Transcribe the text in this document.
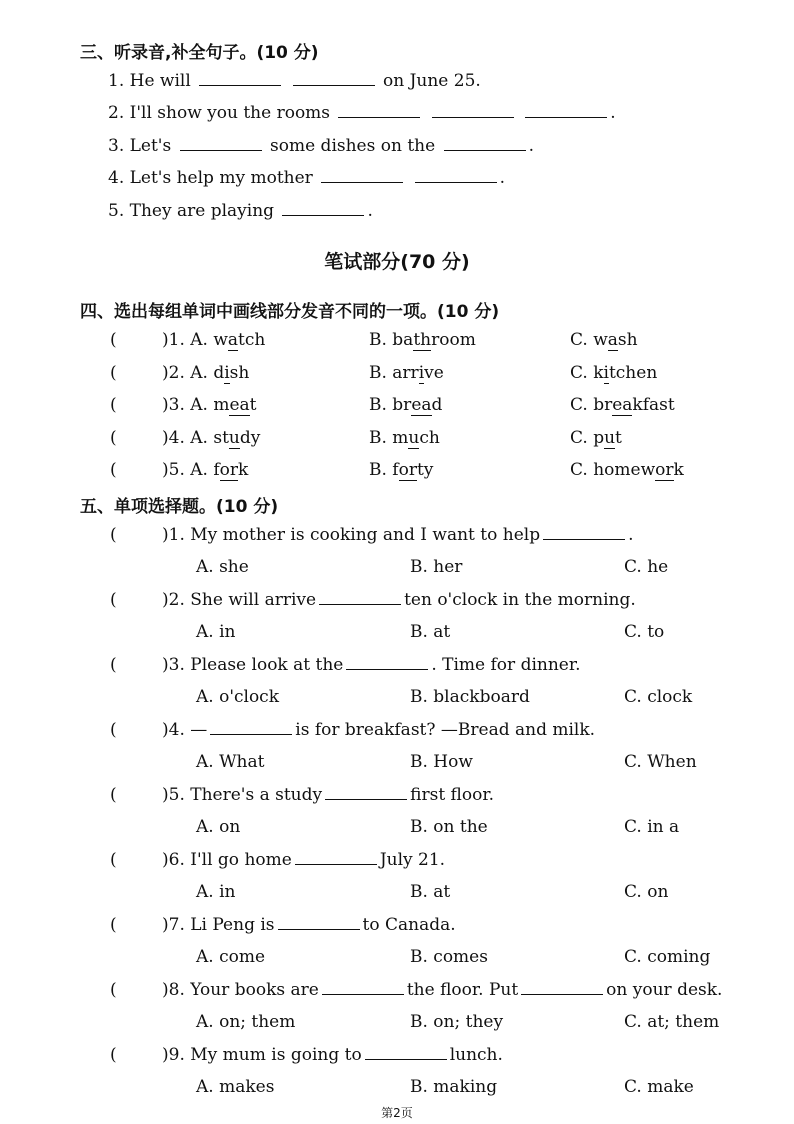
三、听录音,补全句子。(10 分)
1. He will	on June 25.
2. I'll show you the rooms	.
3. Let's	some dishes on the	.
4. Let's help my mother	.
5. They are playing	.
笔试部分(70 分)
四、选出每组单词中画线部分发音不同的一项。(10 分)
(	)1. A. watch	B. bathroom	C. wash
(	)2. A. dish	B. arrive	C. kitchen
(	)3. A. meat	B. bread	C. breakfast
(	)4. A. study	B. much	C. put
(	)5. A. fork	B. forty	C. homework
五、单项选择题。(10 分)
(	)1. My mother is cooking and I want to help	.
A. she	B. her	C. he
(	)2. She will arrive	ten o'clock in the morning.
A. in	B. at	C. to
(	)3. Please look at the	. Time for dinner.
A. o'clock	B. blackboard	C. clock
(	)4. —	is for breakfast? —Bread and milk.
A. What	B. How	C. When
(	)5. There's a study	first floor.
A. on	B. on the	C. in a
(	)6. I'll go home	July 21.
A. in	B. at	C. on
(	)7. Li Peng is	to Canada.
A. come	B. comes	C. coming
(	)8. Your books are	the floor. Put	on your desk.
A. on; them	B. on; they	C. at; them
(	)9. My mum is going to	lunch.
A. makes	B. making	C. make
第2页
